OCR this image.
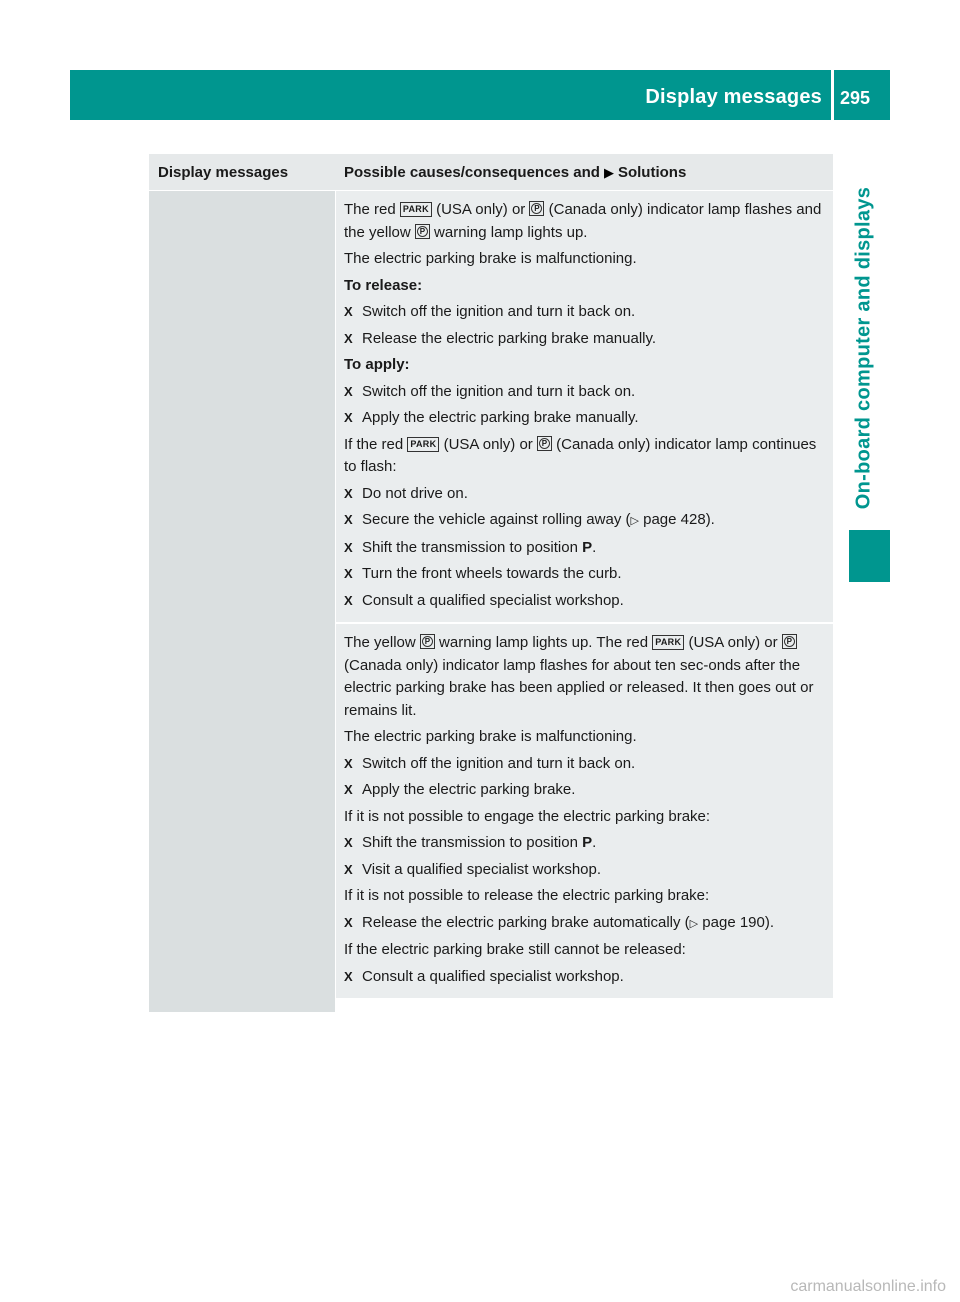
Display messages 295
On-board computer and displays
Display messages	Possible causes/consequences and ▶ Solutions
The red PARK (USA only) or P (Canada only) indicator lamp flashes and the yellow P warning lamp lights up.
The electric parking brake is malfunctioning.
To release:
X Switch off the ignition and turn it back on.
X Release the electric parking brake manually.
To apply:
X Switch off the ignition and turn it back on.
X Apply the electric parking brake manually.
If the red PARK (USA only) or P (Canada only) indicator lamp continues to flash:
X Do not drive on.
X Secure the vehicle against rolling away (▷ page 428).
X Shift the transmission to position P.
X Turn the front wheels towards the curb.
X Consult a qualified specialist workshop.
The yellow P warning lamp lights up. The red PARK (USA only) or P (Canada only) indicator lamp flashes for about ten sec-onds after the electric parking brake has been applied or released. It then goes out or remains lit.
The electric parking brake is malfunctioning.
X Switch off the ignition and turn it back on.
X Apply the electric parking brake.
If it is not possible to engage the electric parking brake:
X Shift the transmission to position P.
X Visit a qualified specialist workshop.
If it is not possible to release the electric parking brake:
X Release the electric parking brake automatically (▷ page 190).
If the electric parking brake still cannot be released:
X Consult a qualified specialist workshop.
carmanualsonline.info
